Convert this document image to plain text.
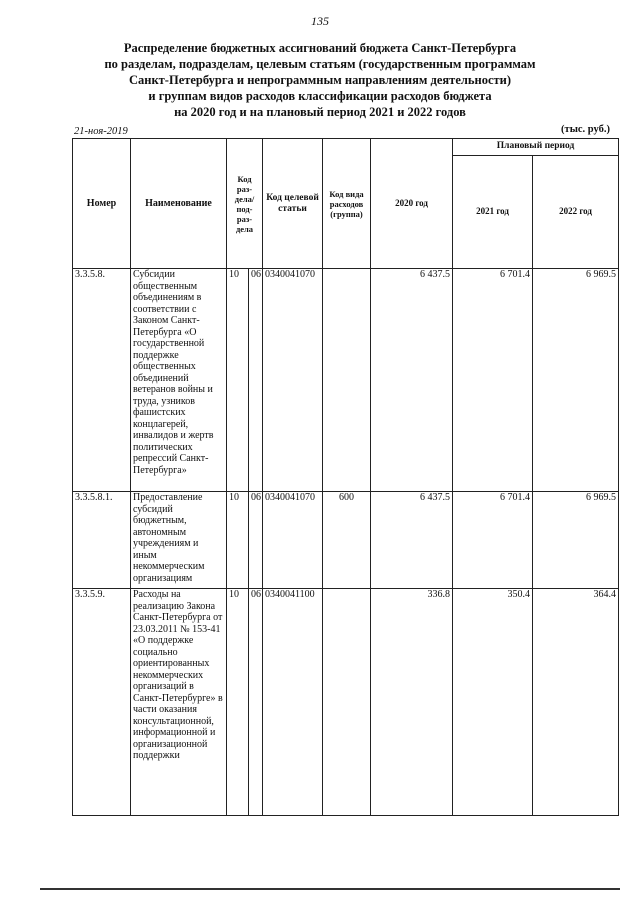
135
Распределение бюджетных ассигнований бюджета Санкт-Петербурга
по разделам, подразделам, целевым статьям (государственным программам
Санкт-Петербурга и непрограммным направлениям деятельности)
и группам видов расходов классификации расходов бюджета
на 2020 год и на плановый период 2021 и 2022 годов
21-ноя-2019	(тыс. руб.)
Номер	Наименование	Код раз-дела/ под-раз-дела		Код целевой статьи	Код вида расходов (группа)	2020 год	Плановый период	
							2021 год	2022 год
3.3.5.8.	Субсидии общественным объединениям в соответствии с Законом Санкт-Петербурга «О государственной поддержке общественных объединений ветеранов войны и труда, узников фашистских концлагерей, инвалидов и жертв политических репрессий Санкт-Петербурга»	10	06	0340041070		6 437.5	6 701.4	6 969.5
3.3.5.8.1.	Предоставление субсидий бюджетным, автономным учреждениям и иным некоммерческим организациям	10	06	0340041070	600	6 437.5	6 701.4	6 969.5
3.3.5.9.	Расходы на реализацию Закона Санкт-Петербурга от 23.03.2011 № 153-41 «О поддержке социально ориентированных некоммерческих организаций в Санкт-Петербурге» в части оказания консультационной, информационной и организационной поддержки	10	06	0340041100		336.8	350.4	364.4
